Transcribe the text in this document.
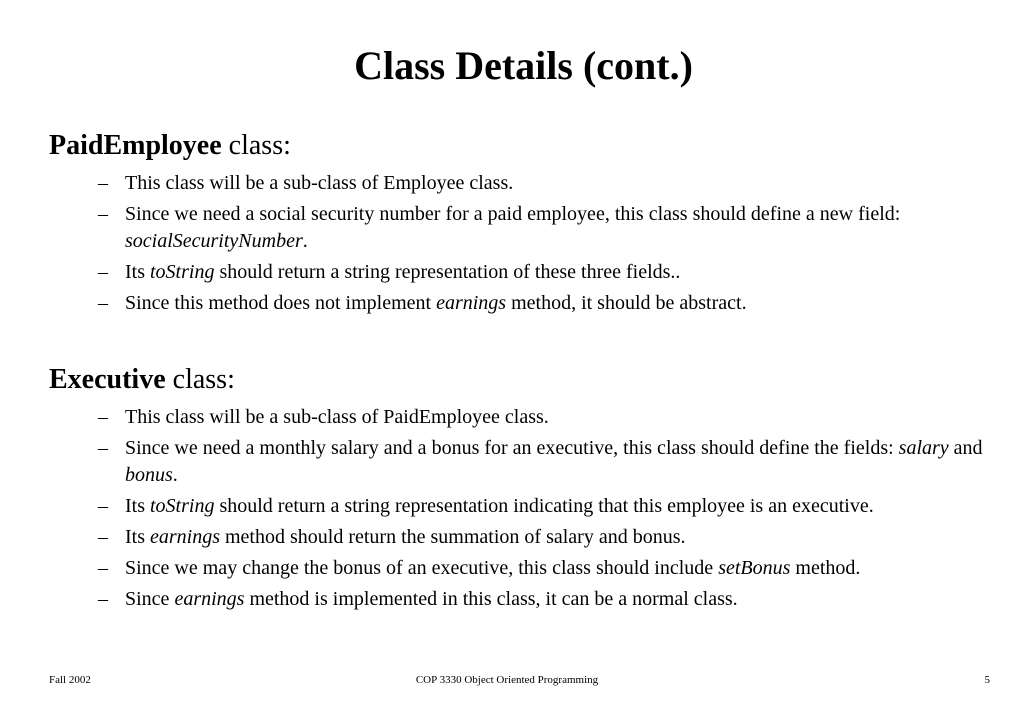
Class Details (cont.)
PaidEmployee class:
– This class will be a sub-class of Employee class.
– Since we need a social security number for a paid employee, this class should define a new field: socialSecurityNumber.
– Its toString should return a string representation of these three fields..
– Since this method does not implement earnings method, it should be abstract.
Executive class:
– This class will be a sub-class of PaidEmployee class.
– Since we need a monthly salary and a bonus for an executive, this class should define the fields: salary and bonus.
– Its toString should return a string representation indicating that this employee is an executive.
– Its earnings method should return the summation of salary and bonus.
– Since we may change the bonus of an executive, this class should include setBonus method.
– Since earnings method is implemented in this class, it can be a normal class.
Fall 2002	COP 3330 Object Oriented Programming	5
